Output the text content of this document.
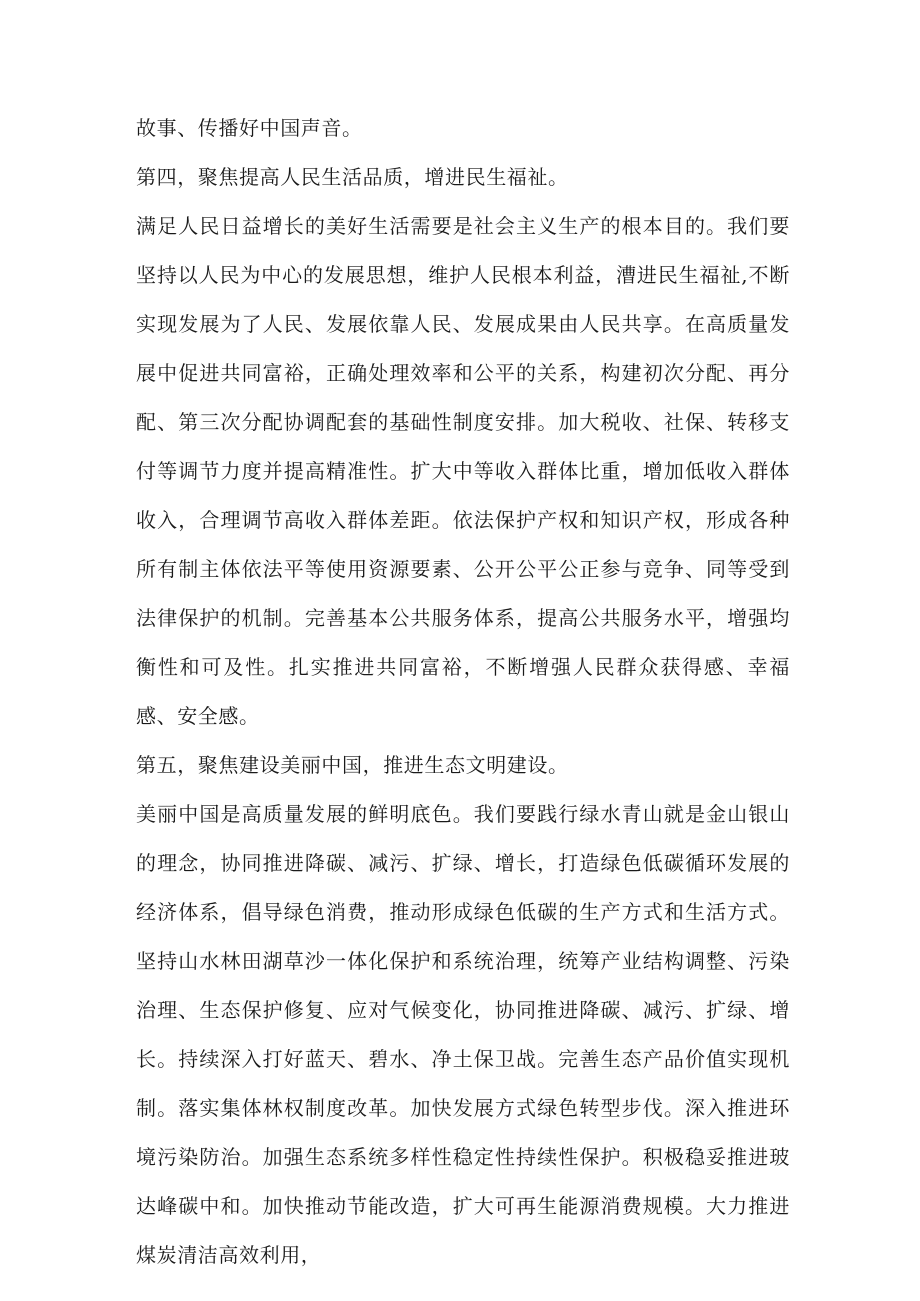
故事、传播好中国声音。

第四，聚焦提高人民生活品质，增进民生福祉。

满足人民日益增长的美好生活需要是社会主义生产的根本目的。我们要坚持以人民为中心的发展思想，维护人民根本利益，漕进民生福祉,不断实现发展为了人民、发展依靠人民、发展成果由人民共享。在高质量发展中促进共同富裕，正确处理效率和公平的关系，构建初次分配、再分配、第三次分配协调配套的基础性制度安排。加大税收、社保、转移支付等调节力度并提高精准性。扩大中等收入群体比重，增加低收入群体收入，合理调节高收入群体差距。依法保护产权和知识产权，形成各种所有制主体依法平等使用资源要素、公开公平公正参与竞争、同等受到法律保护的机制。完善基本公共服务体系，提高公共服务水平，增强均衡性和可及性。扎实推进共同富裕，不断增强人民群众获得感、幸福感、安全感。

第五，聚焦建设美丽中国，推进生态文明建设。

美丽中国是高质量发展的鲜明底色。我们要践行绿水青山就是金山银山的理念，协同推进降碳、减污、扩绿、增长，打造绿色低碳循环发展的经济体系，倡导绿色消费，推动形成绿色低碳的生产方式和生活方式。坚持山水林田湖草沙一体化保护和系统治理，统筹产业结构调整、污染治理、生态保护修复、应对气候变化，协同推进降碳、减污、扩绿、增长。持续深入打好蓝天、碧水、净土保卫战。完善生态产品价值实现机制。落实集体林权制度改革。加快发展方式绿色转型步伐。深入推进环境污染防治。加强生态系统多样性稳定性持续性保护。积极稳妥推进玻达峰碳中和。加快推动节能改造，扩大可再生能源消费规模。大力推进煤炭清洁高效利用，
